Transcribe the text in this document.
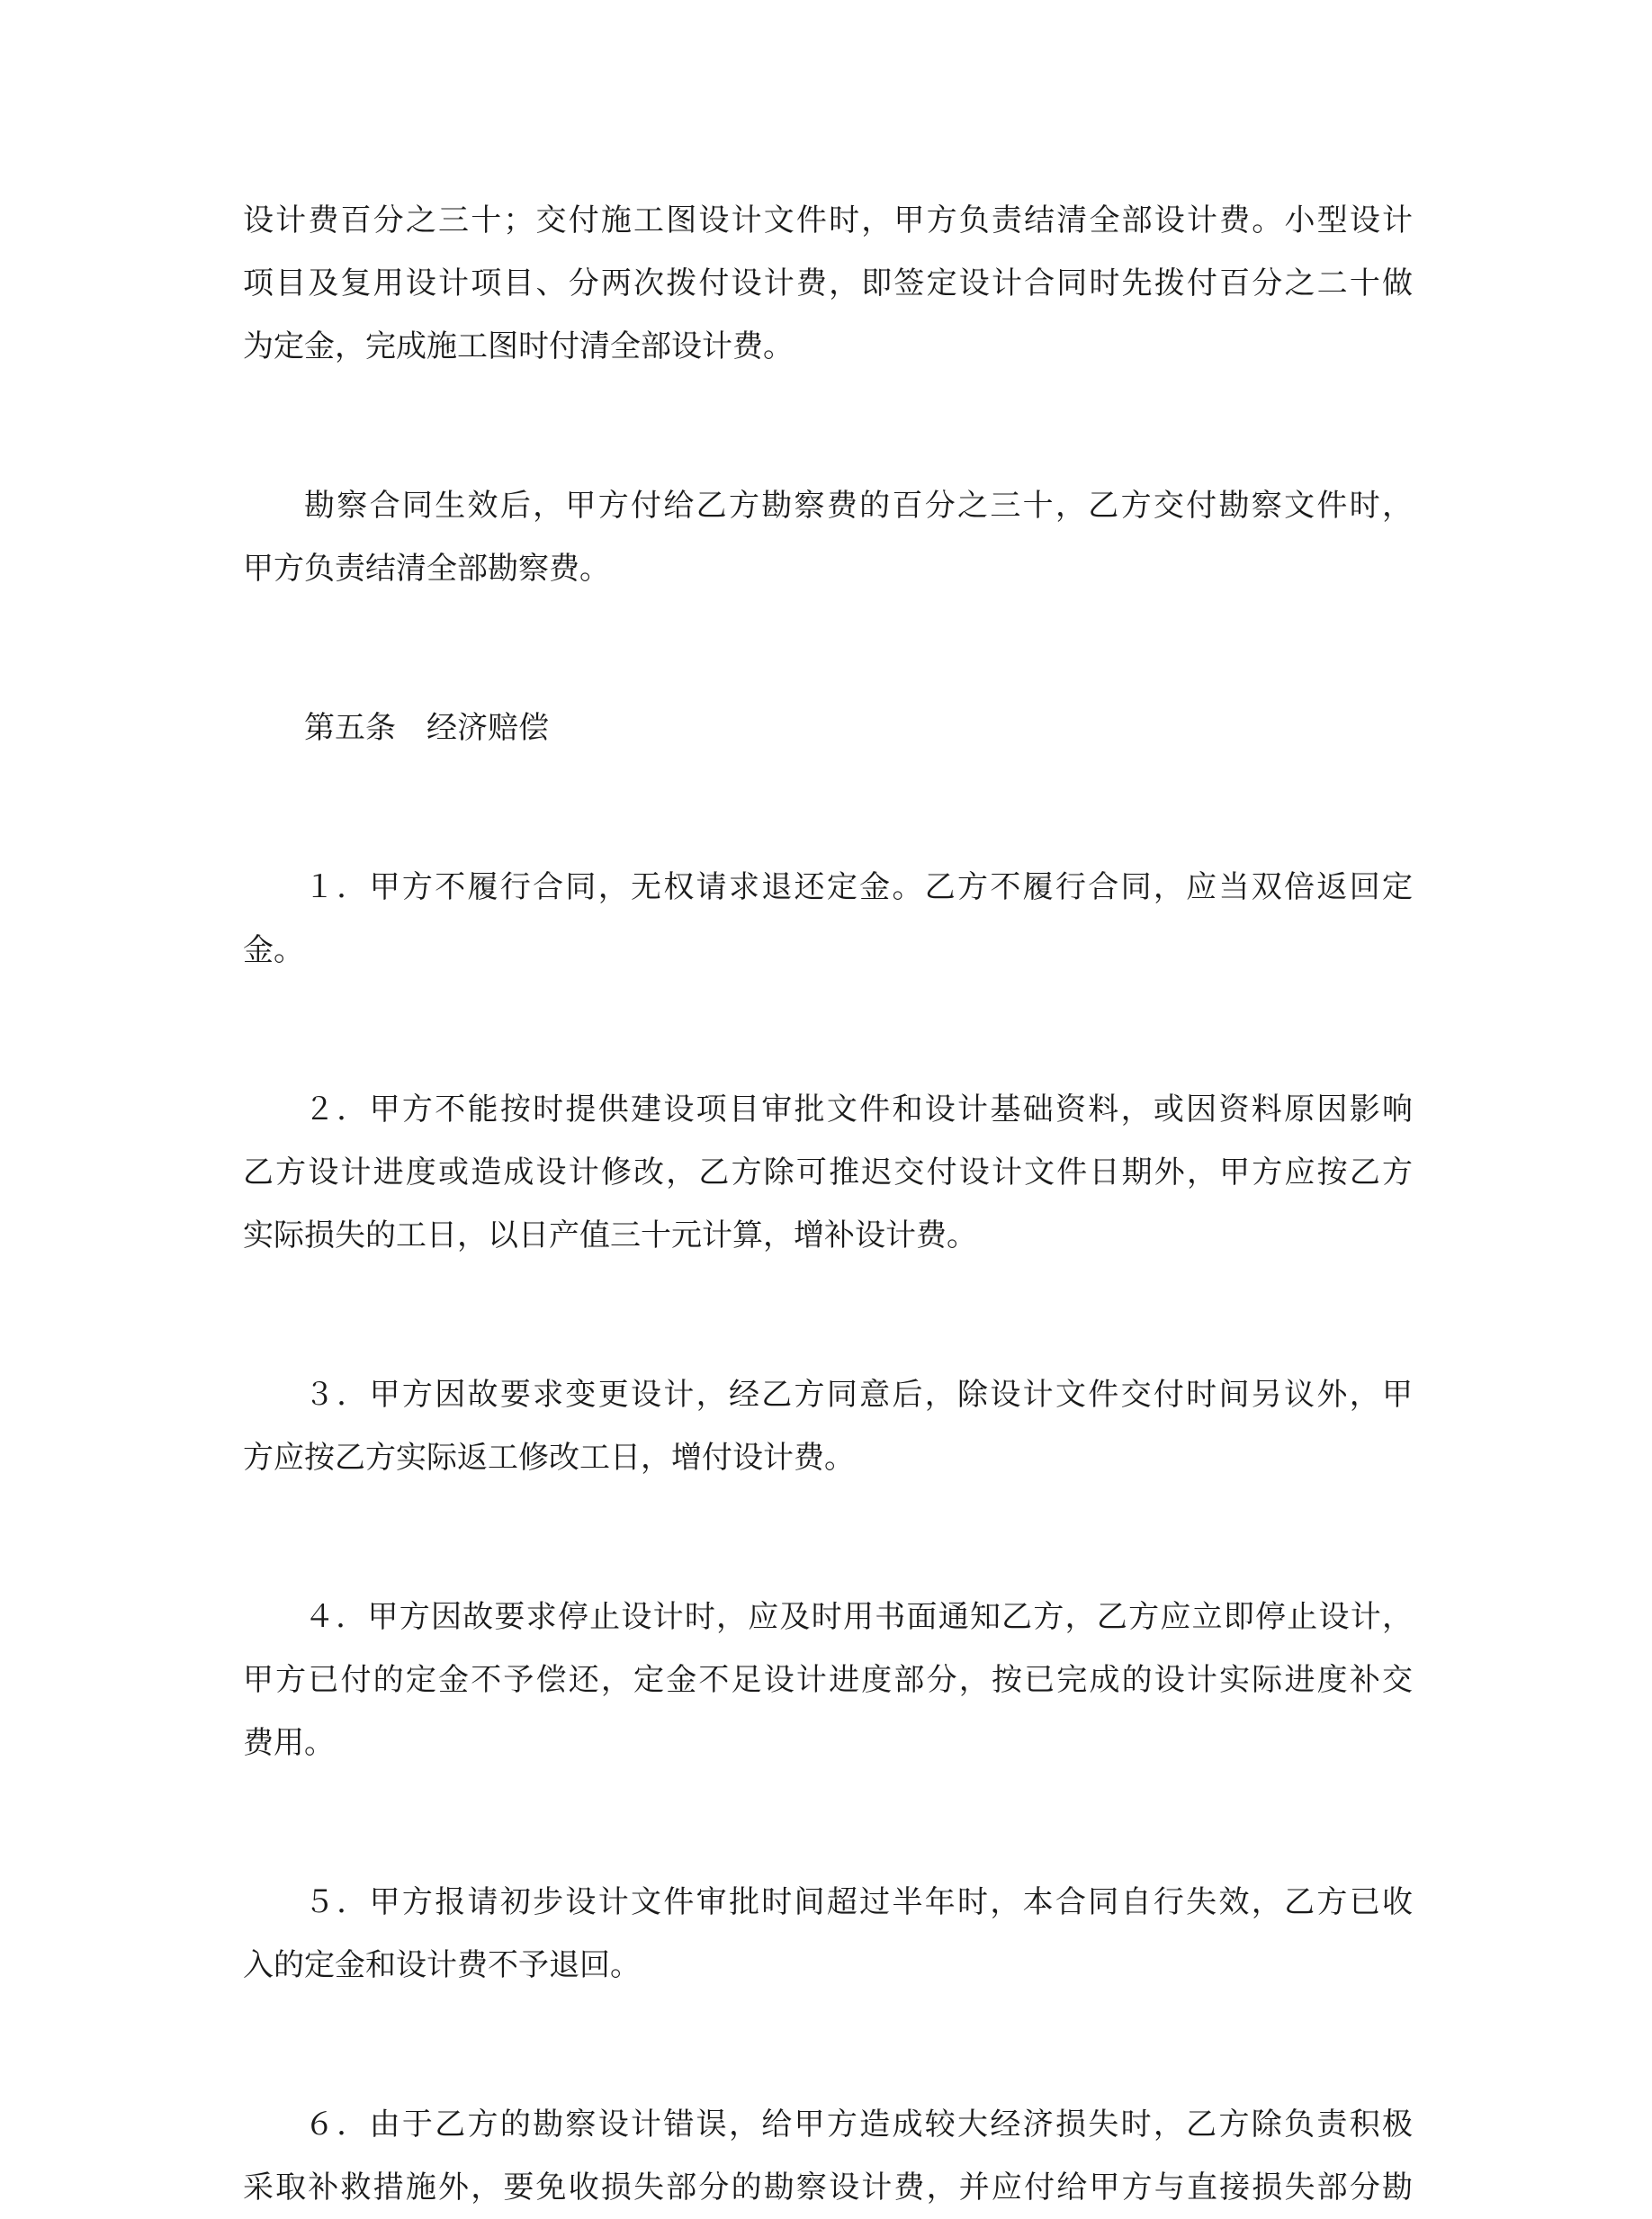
设计费百分之三十；交付施工图设计文件时，甲方负责结清全部设计费。小型设计
项目及复用设计项目、分两次拨付设计费，即签定设计合同时先拨付百分之二十做
为定金，完成施工图时付清全部设计费。
勘察合同生效后，甲方付给乙方勘察费的百分之三十，乙方交付勘察文件时，
甲方负责结清全部勘察费。
第五条　经济赔偿
１．甲方不履行合同，无权请求退还定金。乙方不履行合同，应当双倍返回定
金。
２．甲方不能按时提供建设项目审批文件和设计基础资料，或因资料原因影响
乙方设计进度或造成设计修改，乙方除可推迟交付设计文件日期外，甲方应按乙方
实际损失的工日，以日产值三十元计算，增补设计费。
３．甲方因故要求变更设计，经乙方同意后，除设计文件交付时间另议外，甲
方应按乙方实际返工修改工日，增付设计费。
４．甲方因故要求停止设计时，应及时用书面通知乙方，乙方应立即停止设计，
甲方已付的定金不予偿还，定金不足设计进度部分，按已完成的设计实际进度补交
费用。
５．甲方报请初步设计文件审批时间超过半年时，本合同自行失效，乙方已收
入的定金和设计费不予退回。
６．由于乙方的勘察设计错误，给甲方造成较大经济损失时，乙方除负责积极
采取补救措施外，要免收损失部分的勘察设计费，并应付给甲方与直接损失部分勘
